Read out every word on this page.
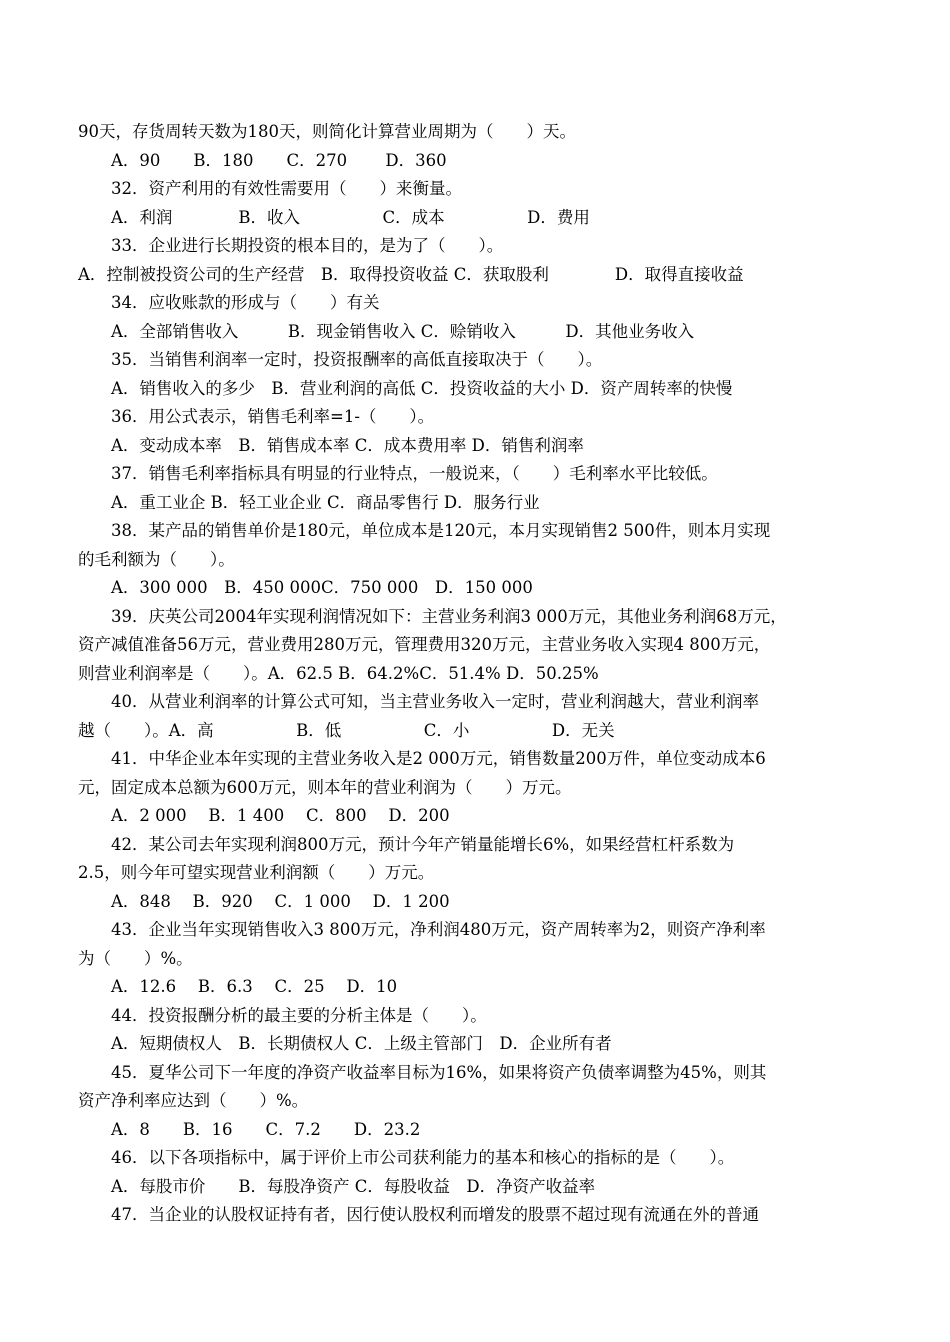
90天，存货周转天数为180天，则简化计算营业周期为（　　）天。
　　A．90　　B．180　　C．270　　 D．360
　　32．资产利用的有效性需要用（　　）来衡量。
　　A．利润　　　　B．收入　　　　　C．成本　　　　　D．费用
　　33．企业进行长期投资的根本目的，是为了（　　）。
A．控制被投资公司的生产经营　B．取得投资收益 C．获取股利　　　　D．取得直接收益
　　34．应收账款的形成与（　　）有关
　　A．全部销售收入　　　B．现金销售收入 C．赊销收入　　　D．其他业务收入
　　35．当销售利润率一定时，投资报酬率的高低直接取决于（　　）。
　　A．销售收入的多少　B．营业利润的高低 C．投资收益的大小 D．资产周转率的快慢
　　36．用公式表示，销售毛利率=1-（　　）。
　　A．变动成本率　B．销售成本率 C．成本费用率 D．销售利润率
　　37．销售毛利率指标具有明显的行业特点，一般说来，（　　）毛利率水平比较低。
　　A．重工业企 B．轻工业企业 C．商品零售行 D．服务行业
　　38．某产品的销售单价是180元，单位成本是120元，本月实现销售2 500件，则本月实现
的毛利额为（　　）。
　　A．300 000　B．450 000C．750 000　D．150 000
　　39．庆英公司2004年实现利润情况如下：主营业务利润3 000万元，其他业务利润68万元，
资产减值准备56万元，营业费用280万元，管理费用320万元，主营业务收入实现4 800万元，
则营业利润率是（　　）。A．62.5 B．64.2%C．51.4% D．50.25%
　　40．从营业利润率的计算公式可知，当主营业务收入一定时，营业利润越大，营业利润率
越（　　）。A．高　　　　　B．低　　　　　C．小　　　　　D．无关
　　41．中华企业本年实现的主营业务收入是2 000万元，销售数量200万件，单位变动成本6
元，固定成本总额为600万元，则本年的营业利润为（　　）万元。
　　A．2 000　 B．1 400　 C．800　 D．200
　　42．某公司去年实现利润800万元，预计今年产销量能增长6%，如果经营杠杆系数为
2.5，则今年可望实现营业利润额（　　）万元。
　　A．848　 B．920　 C．1 000　 D．1 200
　　43．企业当年实现销售收入3 800万元，净利润480万元，资产周转率为2，则资产净利率
为（　　）%。
　　A．12.6　 B．6.3　 C．25　 D．10
　　44．投资报酬分析的最主要的分析主体是（　　）。
　　A．短期债权人　B．长期债权人 C．上级主管部门　D．企业所有者
　　45．夏华公司下一年度的净资产收益率目标为16%，如果将资产负债率调整为45%，则其
资产净利率应达到（　　）%。
　　A．8　　B．16　　C．7.2　　D．23.2
　　46．以下各项指标中，属于评价上市公司获利能力的基本和核心的指标的是（　　）。
　　A．每股市价　　B．每股净资产 C．每股收益　D．净资产收益率
　　47．当企业的认股权证持有者，因行使认股权利而增发的股票不超过现有流通在外的普通
